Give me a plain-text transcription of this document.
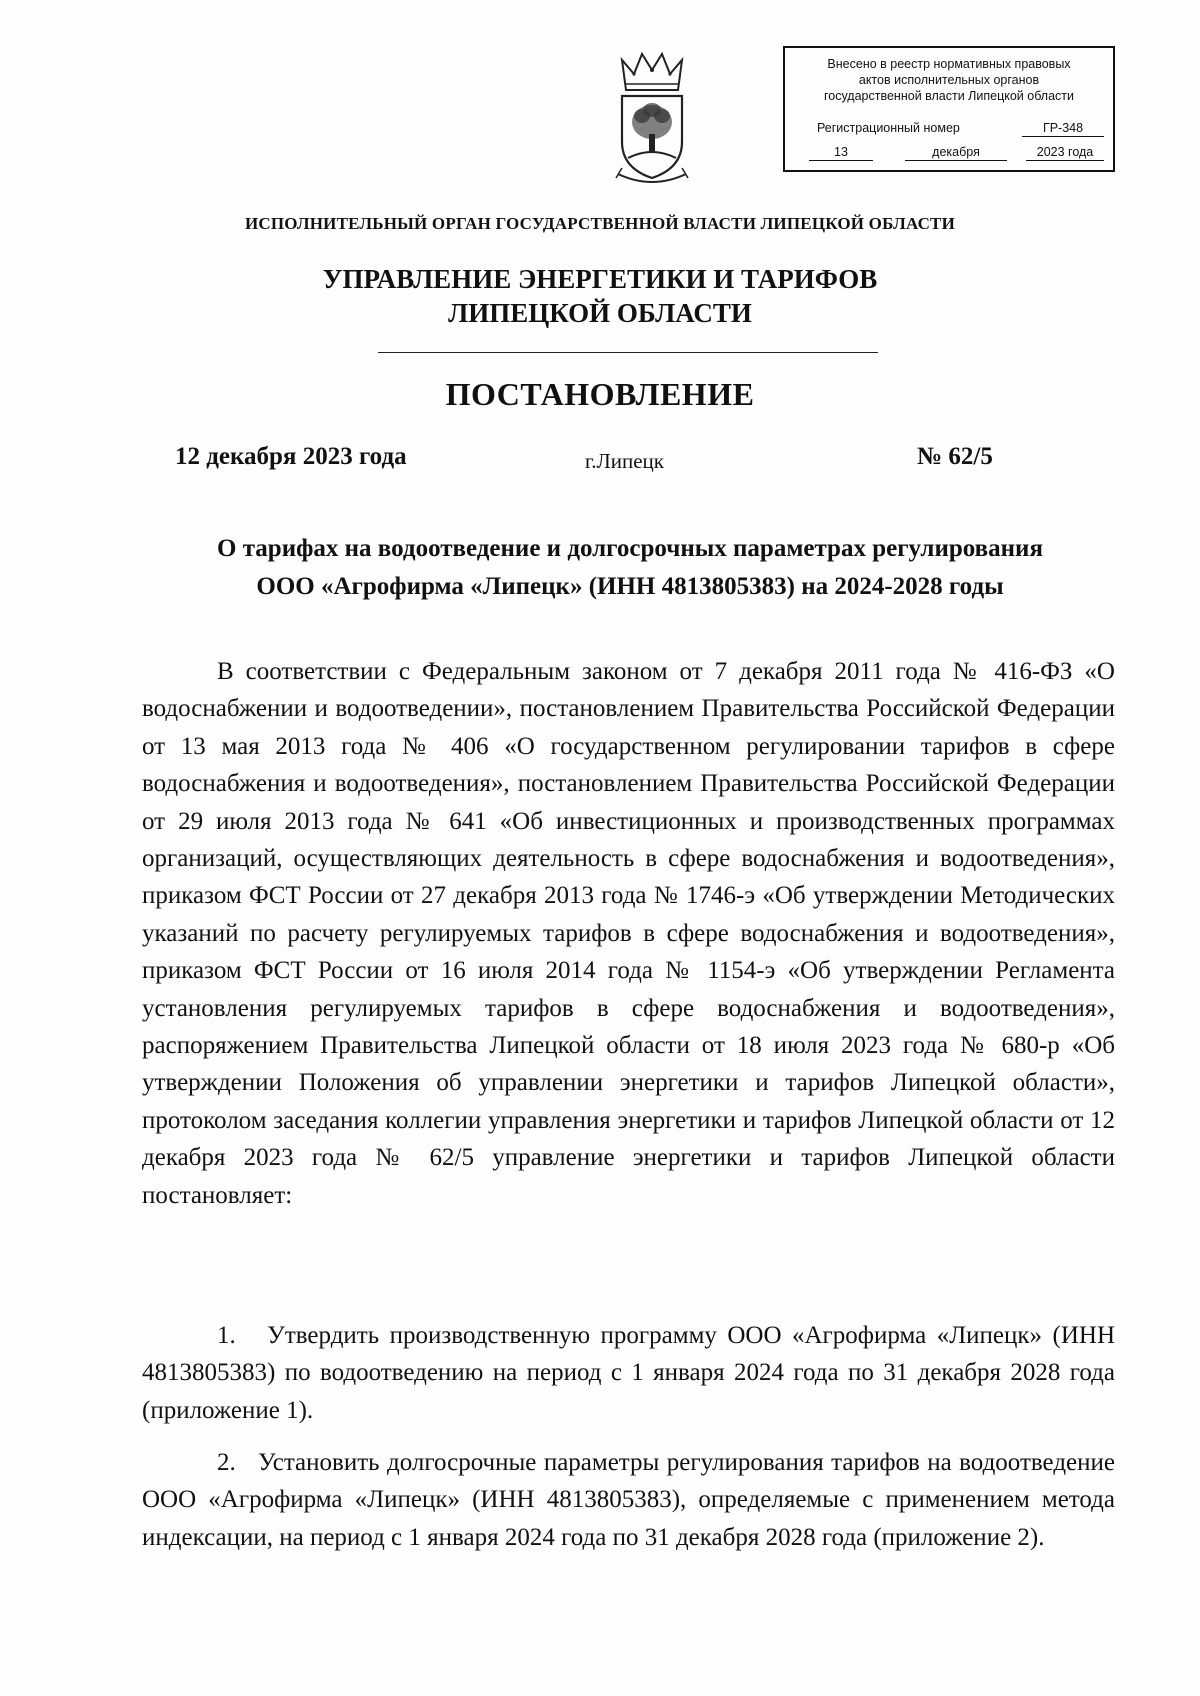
Внесено в реестр нормативных правовых
актов исполнительных органов
государственной власти Липецкой области
Регистрационный номер	ГР-348
13	декабря	2023 года
ИСПОЛНИТЕЛЬНЫЙ ОРГАН ГОСУДАРСТВЕННОЙ ВЛАСТИ ЛИПЕЦКОЙ ОБЛАСТИ
УПРАВЛЕНИЕ ЭНЕРГЕТИКИ И ТАРИФОВ
ЛИПЕЦКОЙ ОБЛАСТИ
ПОСТАНОВЛЕНИЕ
12 декабря 2023 года	г.Липецк	№ 62/5
О тарифах на водоотведение и долгосрочных параметрах регулирования
ООО «Агрофирма «Липецк» (ИНН 4813805383) на 2024-2028 годы

В соответствии с Федеральным законом от 7 декабря 2011 года № 416-ФЗ «О водоснабжении и водоотведении», постановлением Правительства Российской Федерации от 13 мая 2013 года № 406 «О государственном регулировании тарифов в сфере водоснабжения и водоотведения», постановлением Правительства Российской Федерации от 29 июля 2013 года № 641 «Об инвестиционных и производственных программах организаций, осуществляющих деятельность в сфере водоснабжения и водоотведения», приказом ФСТ России от 27 декабря 2013 года № 1746-э «Об утверждении Методических указаний по расчету регулируемых тарифов в сфере водоснабжения и водоотведения», приказом ФСТ России от 16 июля 2014 года № 1154-э «Об утверждении Регламента установления регулируемых тарифов в сфере водоснабжения и водоотведения», распоряжением Правительства Липецкой области от 18 июля 2023 года № 680-р «Об утверждении Положения об управлении энергетики и тарифов Липецкой области», протоколом заседания коллегии управления энергетики и тарифов Липецкой области от 12 декабря 2023 года № 62/5 управление энергетики и тарифов Липецкой области постановляет:

1.   Утвердить производственную программу ООО «Агрофирма «Липецк» (ИНН 4813805383) по водоотведению на период с 1 января 2024 года по 31 декабря 2028 года (приложение 1).

2.   Установить долгосрочные параметры регулирования тарифов на водоотведение ООО «Агрофирма «Липецк» (ИНН 4813805383), определяемые с применением метода индексации, на период с 1 января 2024 года по 31 декабря 2028 года (приложение 2).
